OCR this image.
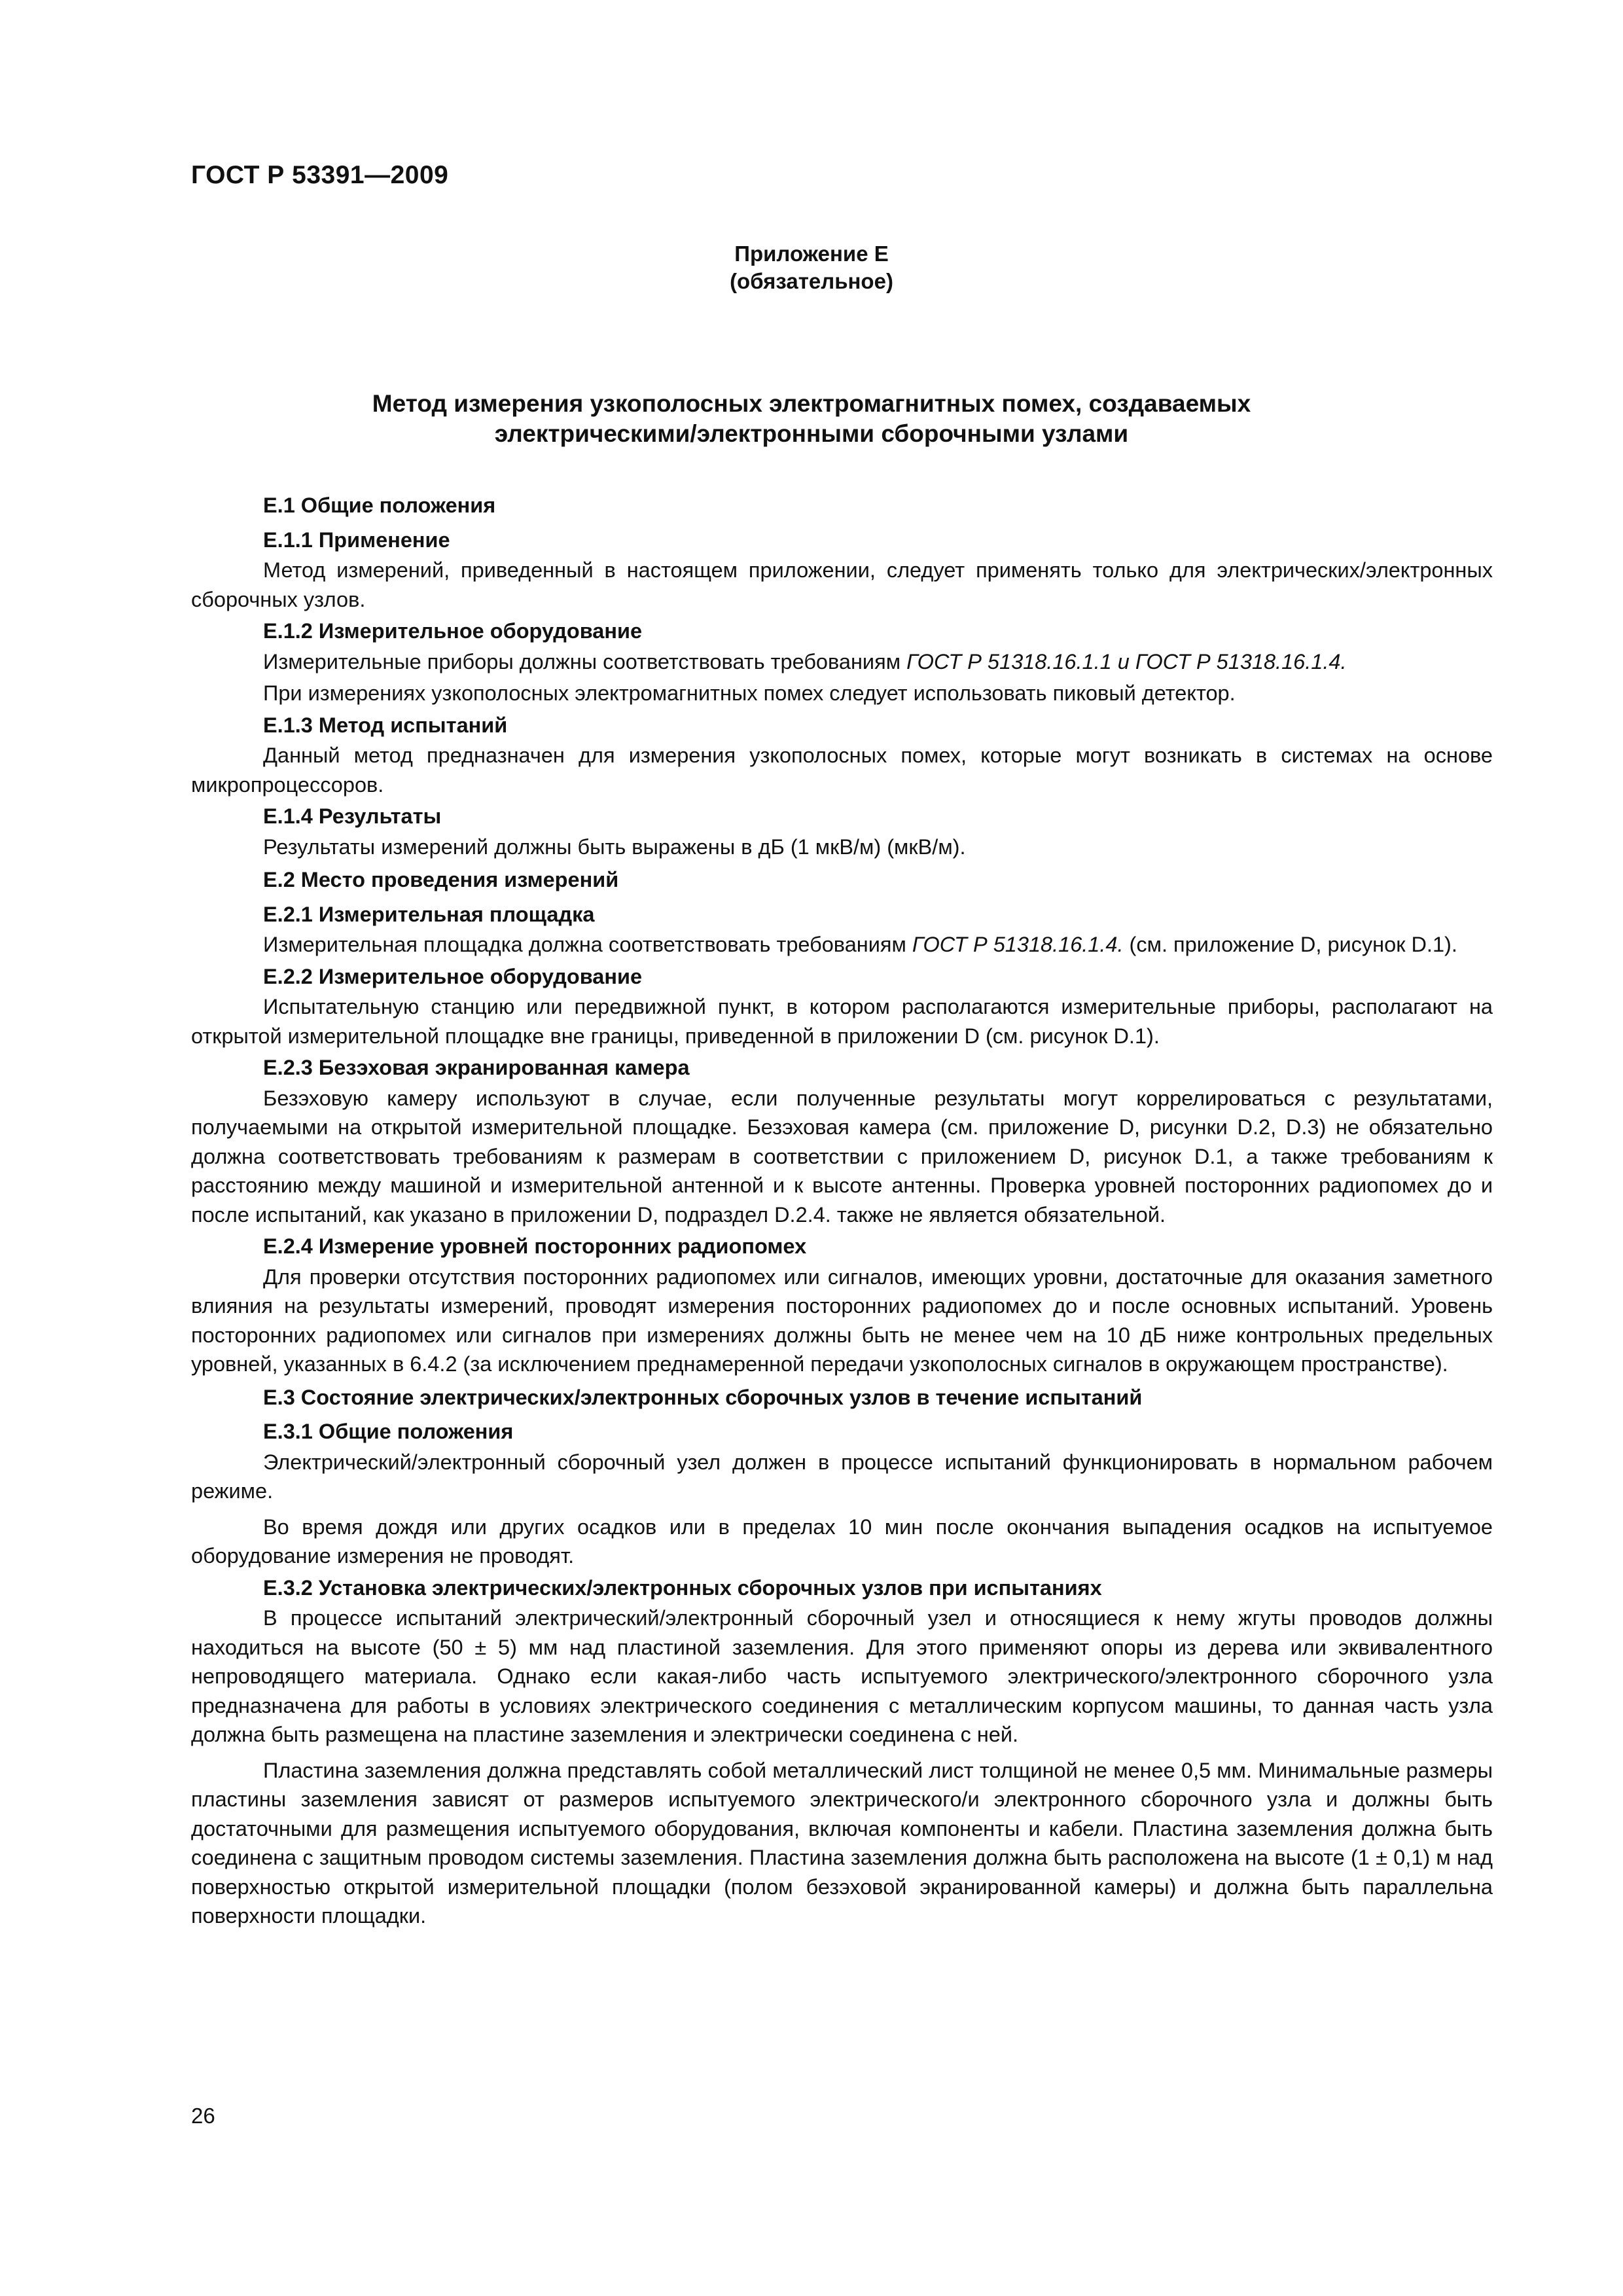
ГОСТ Р 53391—2009
Приложение Е
(обязательное)
Метод измерения узкополосных электромагнитных помех, создаваемых электрическими/электронными сборочными узлами

Е.1 Общие положения

Е.1.1 Применение

Метод измерений, приведенный в настоящем приложении, следует применять только для электрических/электронных сборочных узлов.

Е.1.2 Измерительное оборудование

Измерительные приборы должны соответствовать требованиям ГОСТ Р 51318.16.1.1 и ГОСТ Р 51318.16.1.4.

При измерениях узкополосных электромагнитных помех следует использовать пиковый детектор.

Е.1.3 Метод испытаний

Данный метод предназначен для измерения узкополосных помех, которые могут возникать в системах на основе микропроцессоров.

Е.1.4 Результаты

Результаты измерений должны быть выражены в дБ (1 мкВ/м) (мкВ/м).

Е.2 Место проведения измерений

Е.2.1 Измерительная площадка

Измерительная площадка должна соответствовать требованиям ГОСТ Р 51318.16.1.4. (см. приложение D, рисунок D.1).

Е.2.2 Измерительное оборудование

Испытательную станцию или передвижной пункт, в котором располагаются измерительные приборы, располагают на открытой измерительной площадке вне границы, приведенной в приложении D (см. рисунок D.1).

Е.2.3 Безэховая экранированная камера

Безэховую камеру используют в случае, если полученные результаты могут коррелироваться с результатами, получаемыми на открытой измерительной площадке. Безэховая камера (см. приложение D, рисунки D.2, D.3) не обязательно должна соответствовать требованиям к размерам в соответствии с приложением D, рисунок D.1, а также требованиям к расстоянию между машиной и измерительной антенной и к высоте антенны. Проверка уровней посторонних радиопомех до и после испытаний, как указано в приложении D, подраздел D.2.4. также не является обязательной.

Е.2.4 Измерение уровней посторонних радиопомех

Для проверки отсутствия посторонних радиопомех или сигналов, имеющих уровни, достаточные для оказания заметного влияния на результаты измерений, проводят измерения посторонних радиопомех до и после основных испытаний. Уровень посторонних радиопомех или сигналов при измерениях должны быть не менее чем на 10 дБ ниже контрольных предельных уровней, указанных в 6.4.2 (за исключением преднамеренной передачи узкополосных сигналов в окружающем пространстве).

Е.3 Состояние электрических/электронных сборочных узлов в течение испытаний

Е.3.1 Общие положения

Электрический/электронный сборочный узел должен в процессе испытаний функционировать в нормальном рабочем режиме.

Во время дождя или других осадков или в пределах 10 мин после окончания выпадения осадков на испытуемое оборудование измерения не проводят.

Е.3.2 Установка электрических/электронных сборочных узлов при испытаниях

В процессе испытаний электрический/электронный сборочный узел и относящиеся к нему жгуты проводов должны находиться на высоте (50 ± 5) мм над пластиной заземления. Для этого применяют опоры из дерева или эквивалентного непроводящего материала. Однако если какая-либо часть испытуемого электрического/электронного сборочного узла предназначена для работы в условиях электрического соединения с металлическим корпусом машины, то данная часть узла должна быть размещена на пластине заземления и электрически соединена с ней.

Пластина заземления должна представлять собой металлический лист толщиной не менее 0,5 мм. Минимальные размеры пластины заземления зависят от размеров испытуемого электрического/и электронного сборочного узла и должны быть достаточными для размещения испытуемого оборудования, включая компоненты и кабели. Пластина заземления должна быть соединена с защитным проводом системы заземления. Пластина заземления должна быть расположена на высоте (1 ± 0,1) м над поверхностью открытой измерительной площадки (полом безэховой экранированной камеры) и должна быть параллельна поверхности площадки.

26
